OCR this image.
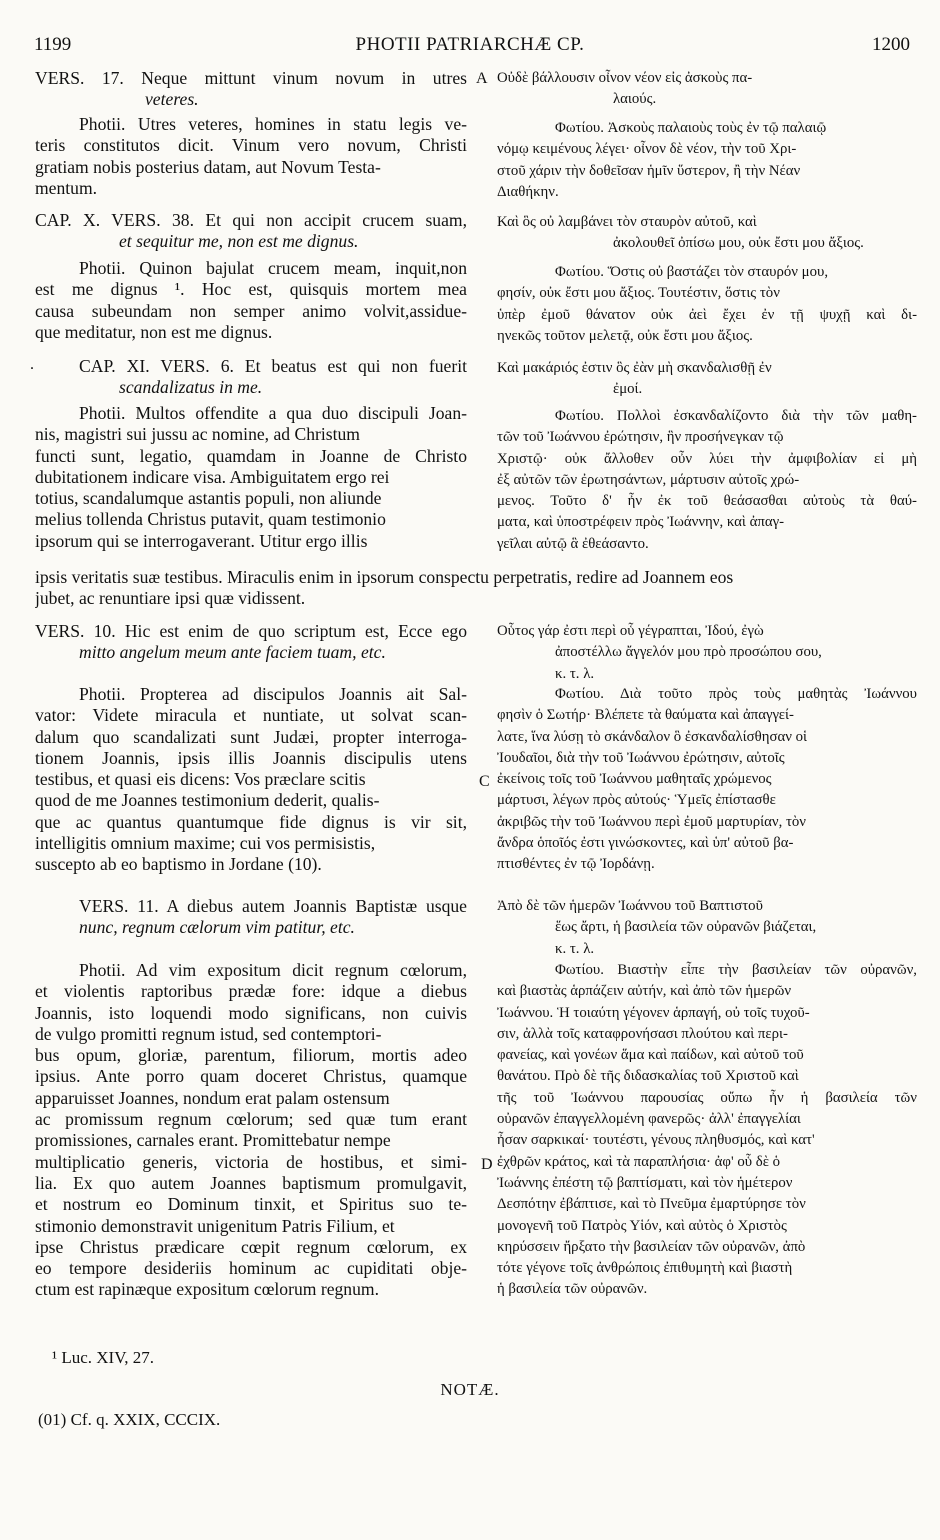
1199	PHOTII PATRIARCHÆ CP.	1200
VERS. 17. Neque mittunt vinum novum in utres
veteres.
Οὐδὲ βάλλουσιν οἶνον νέον εἰς ἀσκοὺς πα-
λαιούς.
Photii. Utres veteres, homines in statu legis ve-
teris constitutos dicit. Vinum vero novum, Christi
gratiam nobis posterius datam, aut Novum Testa-
mentum.
Φωτίου. Ἀσκοὺς παλαιοὺς τοὺς ἐν τῷ παλαιῷ
νόμῳ κειμένους λέγει· οἶνον δὲ νέον, τὴν τοῦ Χρι-
στοῦ χάριν τὴν δοθεῖσαν ἡμῖν ὕστερον, ἢ τὴν Νέαν
Διαθήκην.
CAP. X. VERS. 38. Et qui non accipit crucem suam,
et sequitur me, non est me dignus.
Καὶ ὃς οὐ λαμβάνει τὸν σταυρὸν αὐτοῦ, καὶ
ἀκολουθεῖ ὀπίσω μου, οὐκ ἔστι μου ἄξιος.
Photii. Quinon bajulat crucem meam, inquit,non
est me dignus ¹. Hoc est, quisquis mortem mea
causa subeundam non semper animo volvit,assidue-
que meditatur, non est me dignus.
Φωτίου. Ὅστις οὐ βαστάζει τὸν σταυρόν μου,
φησίν, οὐκ ἔστι μου ἄξιος. Τουτέστιν, ὅστις τὸν
ὑπὲρ ἐμοῦ θάνατον οὐκ ἀεὶ ἔχει ἐν τῇ ψυχῇ καὶ δι-
ηνεκῶς τοῦτον μελετᾷ, οὐκ ἔστι μου ἄξιος.
CAP. XI. VERS. 6. Et beatus est qui non fuerit
scandalizatus in me.
Καὶ μακάριός ἐστιν ὃς ἐὰν μὴ σκανδαλισθῇ ἐν
ἐμοί.
Photii. Multos offendite a qua duo discipuli Joan-
nis, magistri sui jussu ac nomine, ad Christum
functi sunt, legatio, quamdam in Joanne de Christo
dubitationem indicare visa. Ambiguitatem ergo rei
totius, scandalumque astantis populi, non aliunde
melius tollenda Christus putavit, quam testimonio
ipsorum qui se interrogaverant. Utitur ergo illis
Φωτίου. Πολλοὶ ἐσκανδαλίζοντο διὰ τὴν τῶν μαθη-
τῶν τοῦ Ἰωάννου ἐρώτησιν, ἣν προσήνεγκαν τῷ
Χριστῷ· οὐκ ἄλλοθεν οὖν λύει τὴν ἀμφιβολίαν εἰ μὴ
ἐξ αὐτῶν τῶν ἐρωτησάντων, μάρτυσιν αὐτοῖς χρώ-
μενος. Τοῦτο δ' ἦν ἐκ τοῦ θεάσασθαι αὐτοὺς τὰ θαύ-
ματα, καὶ ὑποστρέφειν πρὸς Ἰωάννην, καὶ ἀπαγ-
γεῖλαι αὐτῷ ἃ ἐθεάσαντο.
ipsis veritatis suæ testibus. Miraculis enim in ipsorum conspectu perpetratis, redire ad Joannem eos
jubet, ac renuntiare ipsi quæ vidissent.
VERS. 10. Hic est enim de quo scriptum est, Ecce ego
mitto angelum meum ante faciem tuam, etc.
Οὗτος γάρ ἐστι περὶ οὗ γέγραπται, Ἰδού, ἐγὼ
ἀποστέλλω ἄγγελόν μου πρὸ προσώπου σου,
κ. τ. λ.
Photii. Propterea ad discipulos Joannis ait Sal-
vator: Videte miracula et nuntiate, ut solvat scan-
dalum quo scandalizati sunt Judæi, propter interroga-
tionem Joannis, ipsis illis Joannis discipulis utens
testibus, et quasi eis dicens: Vos præclare scitis
quod de me Joannes testimonium dederit, qualis-
que ac quantus quantumque fide dignus is vir sit,
intelligitis omnium maxime; cui vos permisistis,
suscepto ab eo baptismo in Jordane (10).
Φωτίου. Διὰ τοῦτο πρὸς τοὺς μαθητὰς Ἰωάννου
φησὶν ὁ Σωτήρ· Βλέπετε τὰ θαύματα καὶ ἀπαγγεί-
λατε, ἵνα λύσῃ τὸ σκάνδαλον ὃ ἐσκανδαλίσθησαν οἱ
Ἰουδαῖοι, διὰ τὴν τοῦ Ἰωάννου ἐρώτησιν, αὐτοῖς
ἐκείνοις τοῖς τοῦ Ἰωάννου μαθηταῖς χρώμενος
μάρτυσι, λέγων πρὸς αὐτούς· Ὑμεῖς ἐπίστασθε
ἀκριβῶς τὴν τοῦ Ἰωάννου περὶ ἐμοῦ μαρτυρίαν, τὸν
ἄνδρα ὁποῖός ἐστι γινώσκοντες, καὶ ὑπ' αὐτοῦ βα-
πτισθέντες ἐν τῷ Ἰορδάνῃ.
VERS. 11. A diebus autem Joannis Baptistæ usque
nunc, regnum cælorum vim patitur, etc.
Ἀπὸ δὲ τῶν ἡμερῶν Ἰωάννου τοῦ Βαπτιστοῦ
ἕως ἄρτι, ἡ βασιλεία τῶν οὐρανῶν βιάζεται,
κ. τ. λ.
Photii. Ad vim expositum dicit regnum cœlorum,
et violentis raptoribus prædæ fore: idque a diebus
Joannis, isto loquendi modo significans, non cuivis
de vulgo promitti regnum istud, sed contemptori-
bus opum, gloriæ, parentum, filiorum, mortis adeo
ipsius. Ante porro quam doceret Christus, quamque
apparuisset Joannes, nondum erat palam ostensum
ac promissum regnum cœlorum; sed quæ tum erant
promissiones, carnales erant. Promittebatur nempe
multiplicatio generis, victoria de hostibus, et simi-
lia. Ex quo autem Joannes baptismum promulgavit,
et nostrum eo Dominum tinxit, et Spiritus suo te-
stimonio demonstravit unigenitum Patris Filium, et
ipse Christus prædicare cœpit regnum cœlorum, ex
eo tempore desideriis hominum ac cupiditati obje-
ctum est rapinæque expositum cœlorum regnum.
Φωτίου. Βιαστὴν εἶπε τὴν βασιλείαν τῶν οὐρανῶν,
καὶ βιαστὰς ἁρπάζειν αὐτήν, καὶ ἀπὸ τῶν ἡμερῶν
Ἰωάννου. Ἡ τοιαύτη γέγονεν ἁρπαγή, οὐ τοῖς τυχοῦ-
σιν, ἀλλὰ τοῖς καταφρονήσασι πλούτου καὶ περι-
φανείας, καὶ γονέων ἅμα καὶ παίδων, καὶ αὐτοῦ τοῦ
θανάτου. Πρὸ δὲ τῆς διδασκαλίας τοῦ Χριστοῦ καὶ
τῆς τοῦ Ἰωάννου παρουσίας οὔπω ἦν ἡ βασιλεία τῶν
οὐρανῶν ἐπαγγελλομένη φανερῶς· ἀλλ' ἐπαγγελίαι
ἦσαν σαρκικαί· τουτέστι, γένους πληθυσμός, καὶ κατ'
ἐχθρῶν κράτος, καὶ τὰ παραπλήσια· ἀφ' οὗ δὲ ὁ
Ἰωάννης ἐπέστη τῷ βαπτίσματι, καὶ τὸν ἡμέτερον
Δεσπότην ἐβάπτισε, καὶ τὸ Πνεῦμα ἐμαρτύρησε τὸν
μονογενῆ τοῦ Πατρὸς Υἱόν, καὶ αὐτὸς ὁ Χριστὸς
κηρύσσειν ἤρξατο τὴν βασιλείαν τῶν οὐρανῶν, ἀπὸ
τότε γέγονε τοῖς ἀνθρώποις ἐπιθυμητὴ καὶ βιαστὴ
ἡ βασιλεία τῶν οὐρανῶν.
A
C
D
.
¹ Luc. XIV, 27.
NOTÆ.
(01) Cf. q. XXIX, CCCIX.
